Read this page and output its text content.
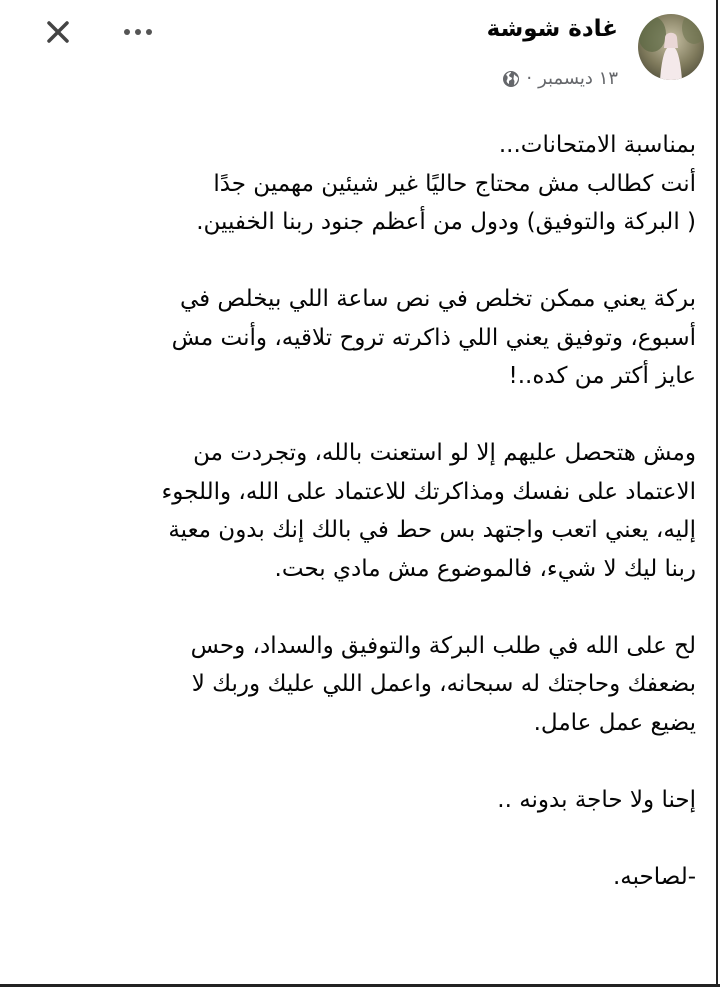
غادة شوشة
١٣ ديسمبر
·

بمناسبة الامتحانات...
أنت كطالب مش محتاج حاليًا غير شيئين مهمين جدًا
( البركة والتوفيق) ودول من أعظم جنود ربنا الخفيين.

بركة يعني ممكن تخلص في نص ساعة اللي بيخلص في
أسبوع، وتوفيق يعني اللي ذاكرته تروح تلاقيه، وأنت مش
عايز أكتر من كده..!

ومش هتحصل عليهم إلا لو استعنت بالله، وتجردت من
الاعتماد على نفسك ومذاكرتك للاعتماد على الله، واللجوء
إليه، يعني اتعب واجتهد بس حط في بالك إنك بدون معية
ربنا ليك لا شيء، فالموضوع مش مادي بحت.

لح على الله في طلب البركة والتوفيق والسداد، وحس
بضعفك وحاجتك له سبحانه، واعمل اللي عليك وربك لا
يضيع عمل عامل.

إحنا ولا حاجة بدونه ..

-لصاحبه.
